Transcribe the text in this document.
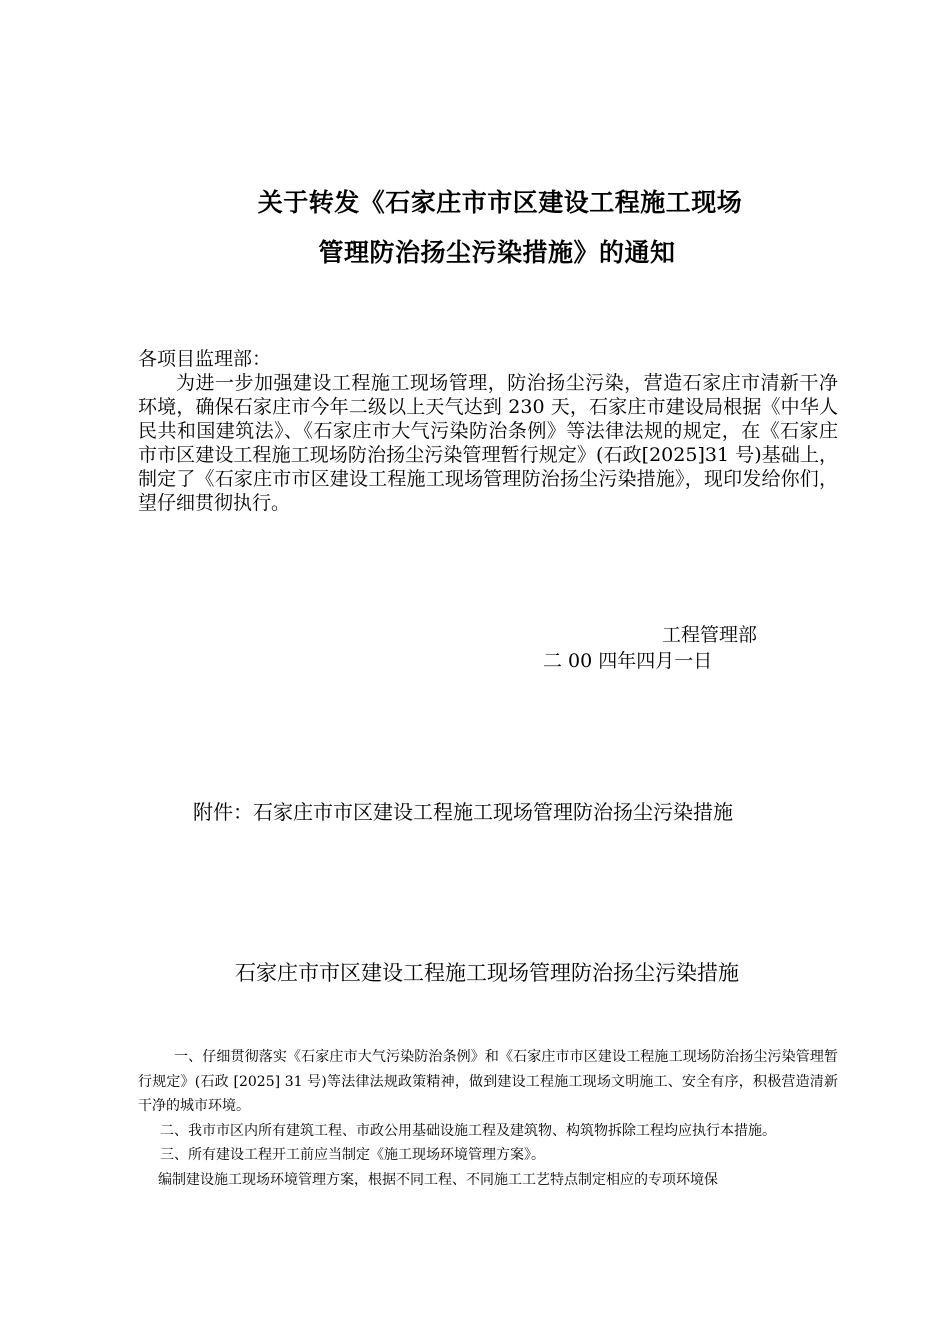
关于转发《石家庄市市区建设工程施工现场
管理防治扬尘污染措施》的通知
各项目监理部：
为进一步加强建设工程施工现场管理，防治扬尘污染，营造石家庄市清新干净环境，确保石家庄市今年二级以上天气达到 230 天，石家庄市建设局根据《中华人民共和国建筑法》、《石家庄市大气污染防治条例》等法律法规的规定，在《石家庄市市区建设工程施工现场防治扬尘污染管理暂行规定》(石政[2025]31 号)基础上，制定了《石家庄市市区建设工程施工现场管理防治扬尘污染措施》，现印发给你们，望仔细贯彻执行。
工程管理部
二 00 四年四月一日
附件：石家庄市市区建设工程施工现场管理防治扬尘污染措施
石家庄市市区建设工程施工现场管理防治扬尘污染措施

一、仔细贯彻落实《石家庄市大气污染防治条例》和《石家庄市市区建设工程施工现场防治扬尘污染管理暂行规定》(石政 [2025] 31 号)等法律法规政策精神，做到建设工程施工现场文明施工、安全有序，积极营造清新干净的城市环境。

二、我市市区内所有建筑工程、市政公用基础设施工程及建筑物、构筑物拆除工程均应执行本措施。

三、所有建设工程开工前应当制定《施工现场环境管理方案》。

编制建设施工现场环境管理方案，根据不同工程、不同施工工艺特点制定相应的专项环境保
